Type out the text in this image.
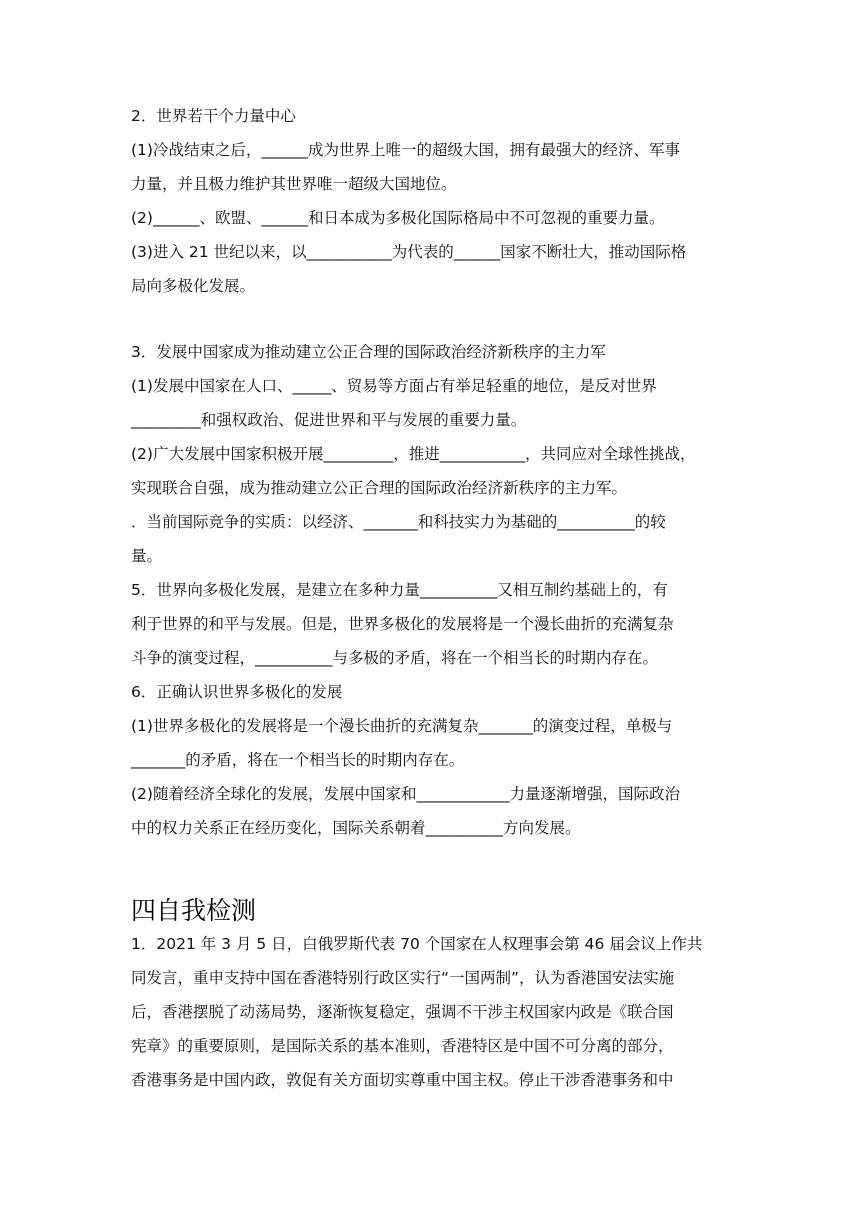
2．世界若干个力量中心
(1)冷战结束之后，______成为世界上唯一的超级大国，拥有最强大的经济、军事
力量，并且极力维护其世界唯一超级大国地位。
(2)______、欧盟、______和日本成为多极化国际格局中不可忽视的重要力量。
(3)进入 21 世纪以来，以___________为代表的______国家不断壮大，推动国际格
局向多极化发展。
3．发展中国家成为推动建立公正合理的国际政治经济新秩序的主力军
(1)发展中国家在人口、_____、贸易等方面占有举足轻重的地位，是反对世界
_________和强权政治、促进世界和平与发展的重要力量。
(2)广大发展中国家积极开展_________，推进___________，共同应对全球性挑战，
实现联合自强，成为推动建立公正合理的国际政治经济新秩序的主力军。
．当前国际竞争的实质：以经济、_______和科技实力为基础的__________的较
量。
5．世界向多极化发展，是建立在多种力量__________又相互制约基础上的，有
利于世界的和平与发展。但是，世界多极化的发展将是一个漫长曲折的充满复杂
斗争的演变过程，__________与多极的矛盾，将在一个相当长的时期内存在。
6．正确认识世界多极化的发展
(1)世界多极化的发展将是一个漫长曲折的充满复杂_______的演变过程，单极与
_______的矛盾，将在一个相当长的时期内存在。
(2)随着经济全球化的发展，发展中国家和____________力量逐渐增强，国际政治
中的权力关系正在经历变化，国际关系朝着__________方向发展。
四自我检测
1．2021 年 3 月 5 日，白俄罗斯代表 70 个国家在人权理事会第 46 届会议上作共
同发言，重申支持中国在香港特别行政区实行“一国两制”，认为香港国安法实施
后，香港摆脱了动荡局势，逐渐恢复稳定，强调不干涉主权国家内政是《联合国
宪章》的重要原则，是国际关系的基本准则，香港特区是中国不可分离的部分，
香港事务是中国内政，敦促有关方面切实尊重中国主权。停止干涉香港事务和中
